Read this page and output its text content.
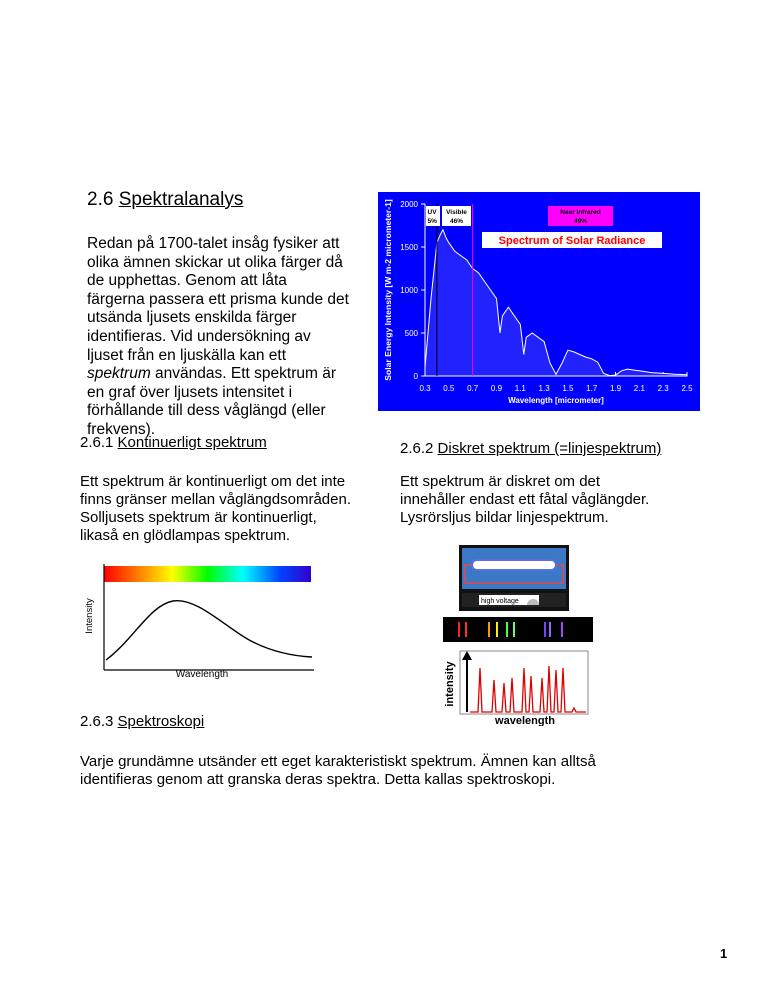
2.6 Spektralanalys
Redan på 1700-talet insåg fysiker att
olika ämnen skickar ut olika färger då
de upphettas. Genom att låta
färgerna passera ett prisma kunde det
utsända ljusets enskilda färger
identifieras. Vid undersökning av
ljuset från en ljuskälla kan ett
spektrum användas. Ett spektrum är
en graf över ljusets intensitet i
förhållande till dess våglängd (eller
frekvens).
2000
1500
1000
500
0
0.3 0.5 0.7 0.9 1.1 1.3 1.5 1.7 1.9 2.1 2.3 2.5
UV
5%
Visible
46%
Near Infrared
49%
Spectrum of Solar Radiance
Solar Energy Intensity [W m-2 micrometer-1]
Wavelength [micrometer]
2.6.1 Kontinuerligt spektrum
Ett spektrum är kontinuerligt om det inte
finns gränser mellan våglängdsområden.
Solljusets spektrum är kontinuerligt,
likaså en glödlampas spektrum.
Intensity
Wavelength
2.6.2 Diskret spektrum (=linjespektrum)
Ett spektrum är diskret om det
innehåller endast ett fåtal våglängder.
Lysrörsljus bildar linjespektrum.
high voltage
intensity
wavelength
2.6.3 Spektroskopi
Varje grundämne utsänder ett eget karakteristiskt spektrum. Ämnen kan alltså
identifieras genom att granska deras spektra. Detta kallas spektroskopi.
1
